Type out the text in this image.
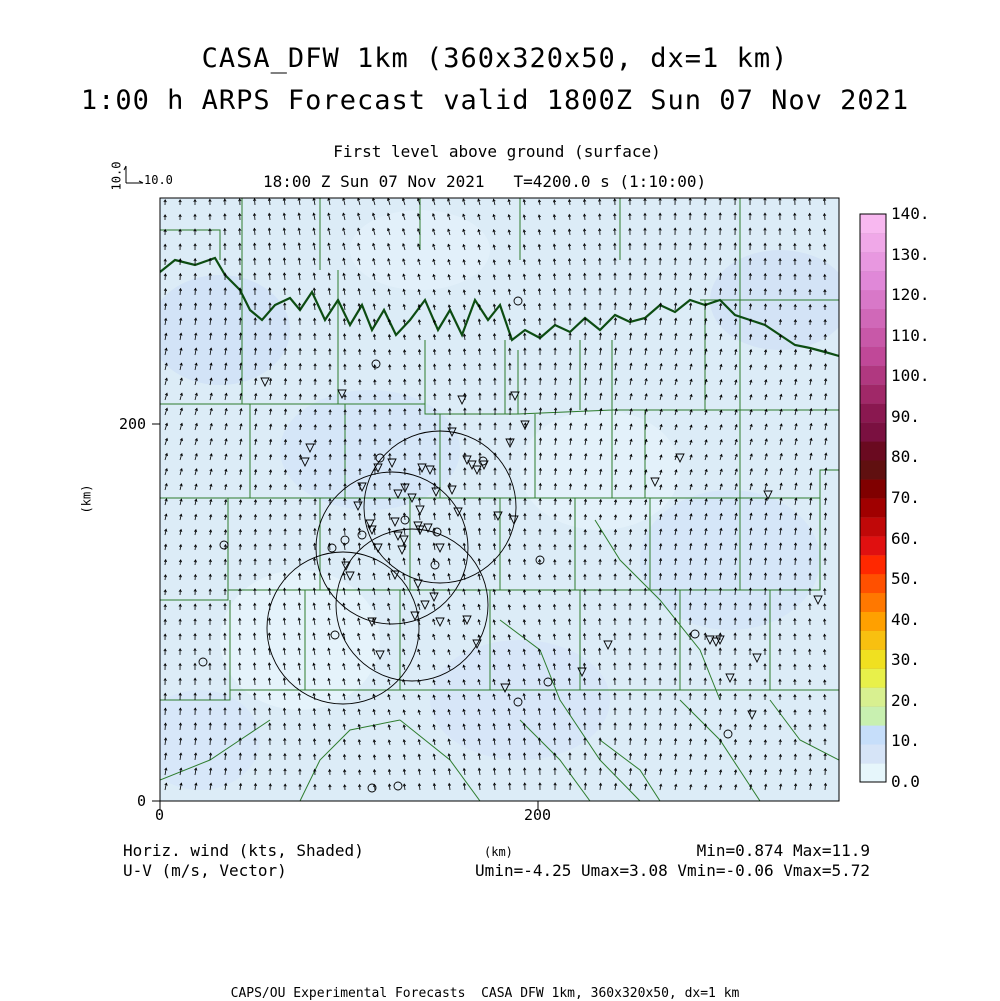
CASA_DFW 1km (360x320x50, dx=1 km)
1:00 h ARPS Forecast valid 1800Z Sun 07 Nov 2021
First level above ground (surface)
18:00 Z Sun 07 Nov 2021   T=4200.0 s (1:10:00)
10.0
10.0
0	200
0
200
(km)
(km)
Horiz. wind (kts, Shaded)
U-V (m/s, Vector)
Min=0.874 Max=11.9
Umin=-4.25 Umax=3.08 Vmin=-0.06 Vmax=5.72
0.0
10.
20.
30.
40.
50.
60.
70.
80.
90.
100.
110.
120.
130.
140.
CAPS/OU Experimental Forecasts  CASA DFW 1km, 360x320x50, dx=1 km
